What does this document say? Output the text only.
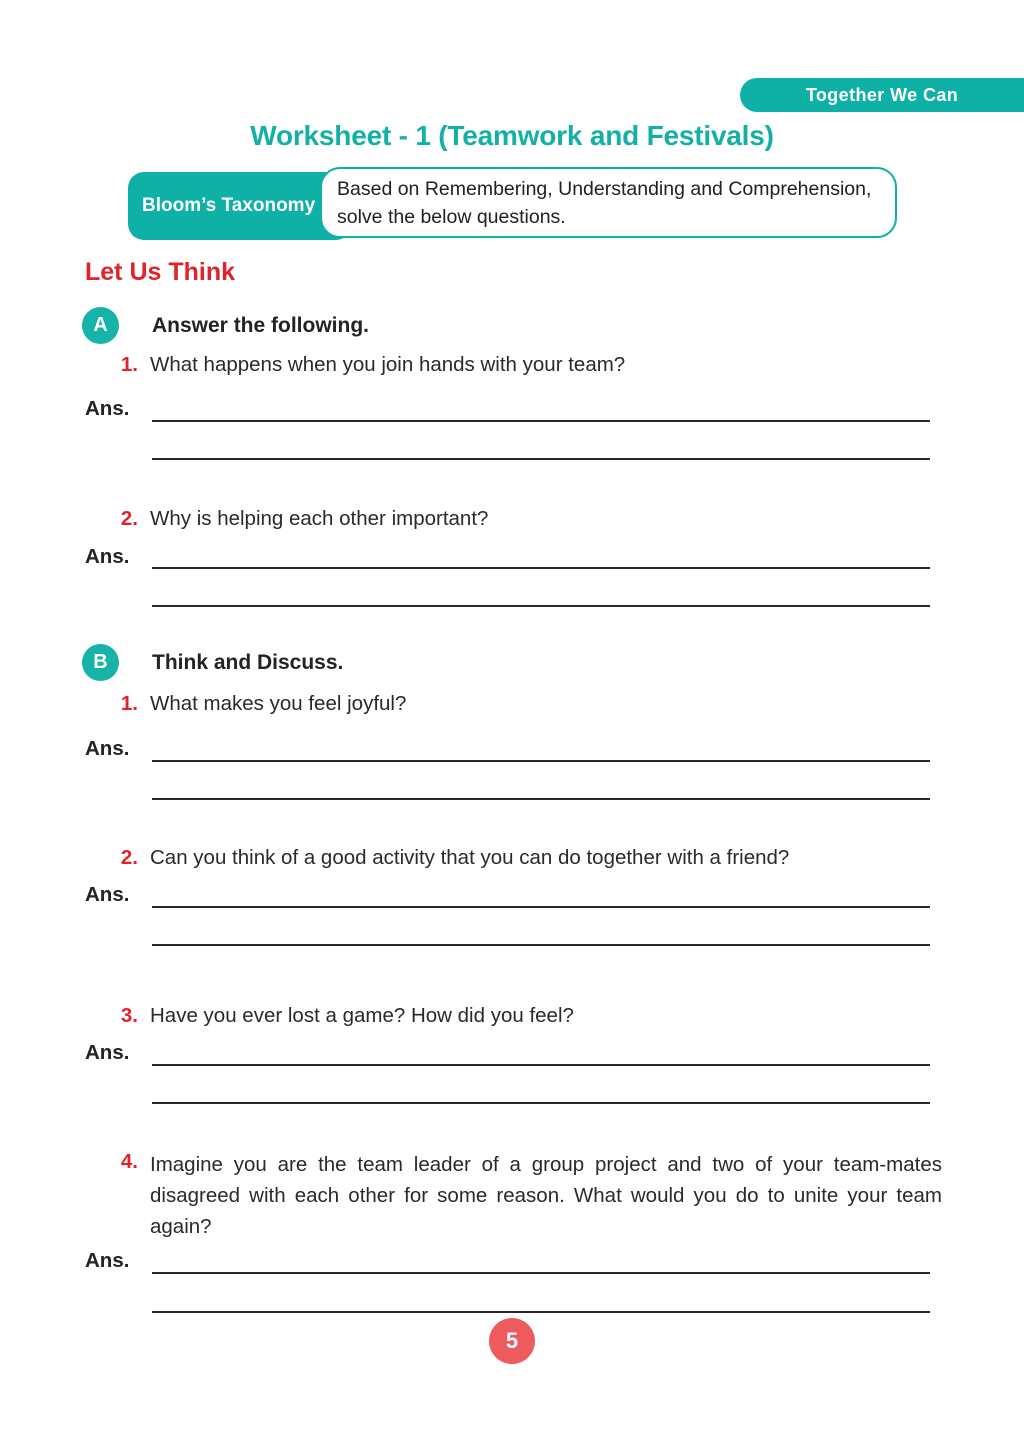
Together We Can
Worksheet - 1 (Teamwork and Festivals)
Bloom’s Taxonomy
Based on Remembering, Understanding and Comprehension, solve the below questions.
Let Us Think
A	Answer the following.
1. What happens when you join hands with your team?
Ans.
2. Why is helping each other important?
Ans.
B	Think and Discuss.
1. What makes you feel joyful?
Ans.
2. Can you think of a good activity that you can do together with a friend?
Ans.
3. Have you ever lost a game? How did you feel?
Ans.
4. Imagine you are the team leader of a group project and two of your team-mates disagreed with each other for some reason. What would you do to unite your team again?
Ans.
5
